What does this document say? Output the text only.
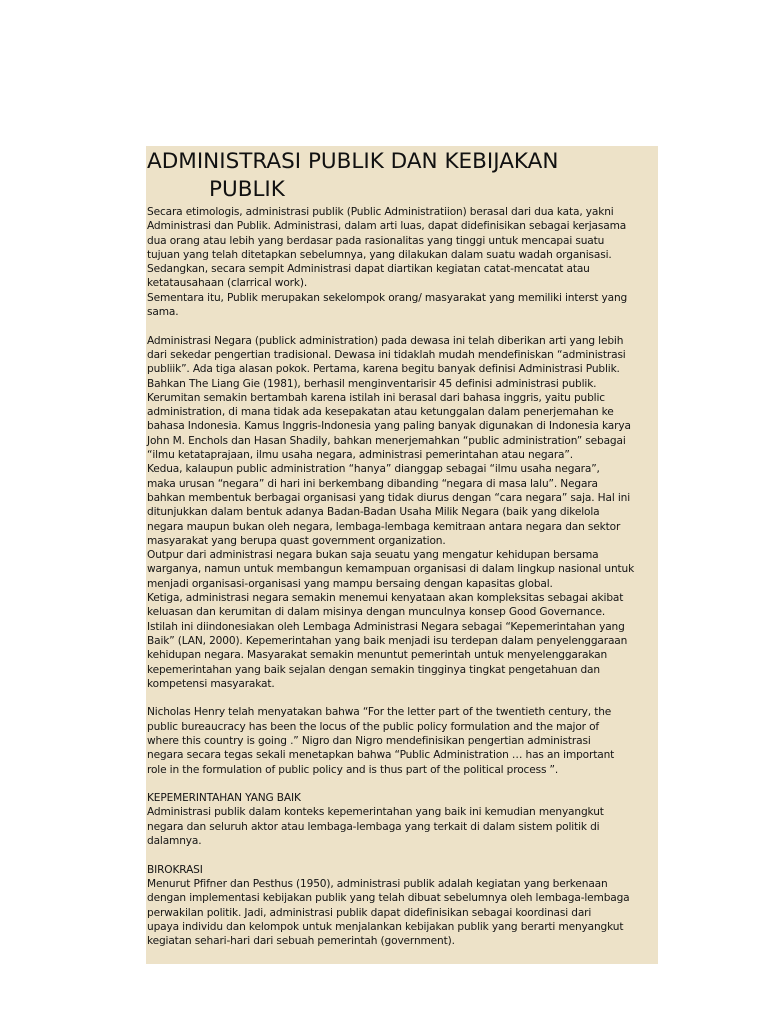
ADMINISTRASI PUBLIK DAN KEBIJAKAN
PUBLIK
Secara etimologis, administrasi publik (Public Administratiion) berasal dari dua kata, yakni
Administrasi dan Publik. Administrasi, dalam arti luas, dapat didefinisikan sebagai kerjasama
dua orang atau lebih yang berdasar pada rasionalitas yang tinggi untuk mencapai suatu
tujuan yang telah ditetapkan sebelumnya, yang dilakukan dalam suatu wadah organisasi.
Sedangkan, secara sempit Administrasi dapat diartikan kegiatan catat-mencatat atau
ketatausahaan (clarrical work).
Sementara itu, Publik merupakan sekelompok orang/ masyarakat yang memiliki interst yang
sama.
Administrasi Negara (publick administration) pada dewasa ini telah diberikan arti yang lebih
dari sekedar pengertian tradisional. Dewasa ini tidaklah mudah mendefiniskan “administrasi
publiik”. Ada tiga alasan pokok. Pertama, karena begitu banyak definisi Administrasi Publik.
Bahkan The Liang Gie (1981), berhasil menginventarisir 45 definisi administrasi publik.
Kerumitan semakin bertambah karena istilah ini berasal dari bahasa inggris, yaitu public
administration, di mana tidak ada kesepakatan atau ketunggalan dalam penerjemahan ke
bahasa Indonesia. Kamus Inggris-Indonesia yang paling banyak digunakan di Indonesia karya
John M. Enchols dan Hasan Shadily, bahkan menerjemahkan “public administration” sebagai
“ilmu ketataprajaan, ilmu usaha negara, administrasi pemerintahan atau negara”.
Kedua, kalaupun public administration “hanya” dianggap sebagai “ilmu usaha negara”,
maka urusan “negara” di hari ini berkembang dibanding “negara di masa lalu”. Negara
bahkan membentuk berbagai organisasi yang tidak diurus dengan “cara negara” saja. Hal ini
ditunjukkan dalam bentuk adanya Badan-Badan Usaha Milik Negara (baik yang dikelola
negara maupun bukan oleh negara, lembaga-lembaga kemitraan antara negara dan sektor
masyarakat yang berupa quast government organization.
Outpur dari administrasi negara bukan saja seuatu yang mengatur kehidupan bersama
warganya, namun untuk membangun kemampuan organisasi di dalam lingkup nasional untuk
menjadi organisasi-organisasi yang mampu bersaing dengan kapasitas global.
Ketiga, administrasi negara semakin menemui kenyataan akan kompleksitas sebagai akibat
keluasan dan kerumitan di dalam misinya dengan munculnya konsep Good Governance.
Istilah ini diindonesiakan oleh Lembaga Administrasi Negara sebagai “Kepemerintahan yang
Baik” (LAN, 2000). Kepemerintahan yang baik menjadi isu terdepan dalam penyelenggaraan
kehidupan negara. Masyarakat semakin menuntut pemerintah untuk menyelenggarakan
kepemerintahan yang baik sejalan dengan semakin tingginya tingkat pengetahuan dan
kompetensi masyarakat.
Nicholas Henry telah menyatakan bahwa “For the letter part of the twentieth century, the
public bureaucracy has been the locus of the public policy formulation and the major of
where this country is going .” Nigro dan Nigro mendefinisikan pengertian administrasi
negara secara tegas sekali menetapkan bahwa “Public Administration … has an important
role in the formulation of public policy and is thus part of the political process ”.
KEPEMERINTAHAN YANG BAIK
Administrasi publik dalam konteks kepemerintahan yang baik ini kemudian menyangkut
negara dan seluruh aktor atau lembaga-lembaga yang terkait di dalam sistem politik di
dalamnya.
BIROKRASI
Menurut Pfifner dan Pesthus (1950), administrasi publik adalah kegiatan yang berkenaan
dengan implementasi kebijakan publik yang telah dibuat sebelumnya oleh lembaga-lembaga
perwakilan politik. Jadi, administrasi publik dapat didefinisikan sebagai koordinasi dari
upaya individu dan kelompok untuk menjalankan kebijakan publik yang berarti menyangkut
kegiatan sehari-hari dari sebuah pemerintah (government).
